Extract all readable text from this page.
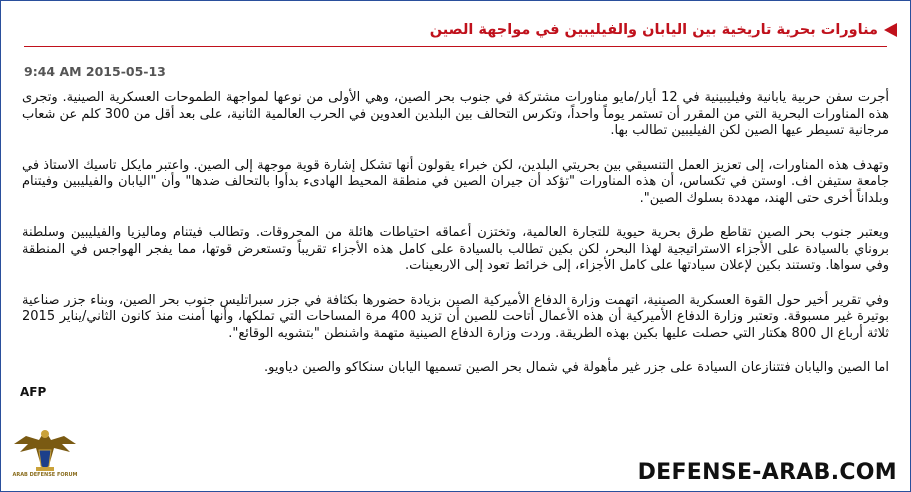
مناورات بحرية تاريخية بين اليابان والفيليبين في مواجهة الصين
9:44 AM 2015-05-13

أجرت سفن حربية يابانية وفيليبينية في 12 أيار/مايو مناورات مشتركة في جنوب بحر الصين، وهي الأولى من نوعها لمواجهة الطموحات العسكرية الصينية. وتجرى هذه المناورات البحرية التي من المقرر أن تستمر يوماً واحداً، وتكرس التحالف بين البلدين العدوين في الحرب العالمية الثانية، على بعد أقل من 300 كلم عن شعاب مرجانية تسيطر عيها الصين لكن الفيليبين تطالب بها.

وتهدف هذه المناورات، إلى تعزيز العمل التنسيقي بين بحريتي البلدين، لكن خبراء يقولون أنها تشكل إشارة قوية موجهة إلى الصين. واعتبر مايكل تاسيك الاستاذ في جامعة ستيفن اف. اوستن في تكساس، أن هذه المناورات "تؤكد أن جيران الصين في منطقة المحيط الهادىء بدأوا بالتحالف ضدها" وأن "اليابان والفيليبين وفيتنام وبلداناً أخرى حتى الهند، مهددة بسلوك الصين".

ويعتبر جنوب بحر الصين تقاطع طرق بحرية حيوية للتجارة العالمية، وتختزن أعماقه احتياطات هائلة من المحروقات. وتطالب فيتنام وماليزيا والفيليبين وسلطنة بروناي بالسيادة على الأجزاء الاستراتيجية لهذا البحر، لكن بكين تطالب بالسيادة على كامل هذه الأجزاء تقريباً وتستعرض قوتها، مما يفجر الهواجس في المنطقة وفي سواها. وتستند بكين لإعلان سيادتها على كامل الأجزاء، إلى خرائط تعود إلى الاربعينات.

وفي تقرير أخير حول القوة العسكرية الصينية، اتهمت وزارة الدفاع الأميركية الصين بزيادة حضورها بكثافة في جزر سبراتليس جنوب بحر الصين، وبناء جزر صناعية بوتيرة غير مسبوقة. وتعتبر وزارة الدفاع الأميركية أن هذه الأعمال أتاحت للصين أن تزيد 400 مرة المساحات التي تملكها، وأنها أمنت منذ كانون الثاني/يناير 2015 ثلاثة أرباع ال 800 هكتار التي حصلت عليها بكين بهذه الطريقة. وردت وزارة الدفاع الصينية متهمة واشنطن "بتشويه الوقائع".

اما الصين واليابان فتتنازعان السيادة على جزر غير مأهولة في شمال بحر الصين تسميها اليابان سنكاكو والصين دياويو.

AFP
ARAB DEFENSE FORUM	DEFENSE-ARAB.COM
